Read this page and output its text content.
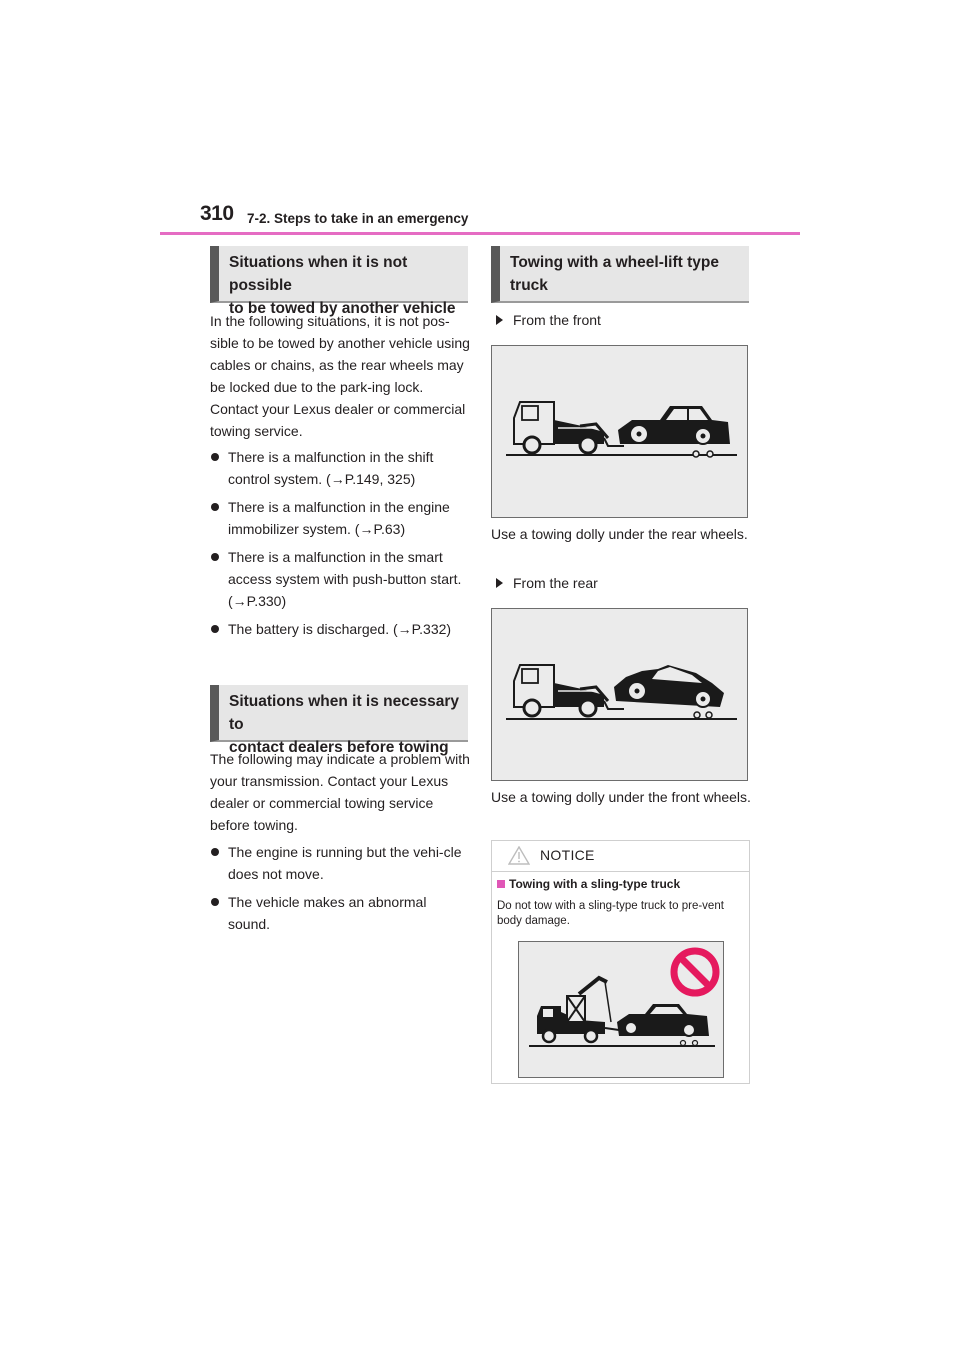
310 7-2. Steps to take in an emergency
Situations when it is not possible
to be towed by another vehicle

In the following situations, it is not pos-sible to be towed by another vehicle using cables or chains, as the rear wheels may be locked due to the park-ing lock. Contact your Lexus dealer or commercial towing service.

There is a malfunction in the shift control system. (→P.149, 325)
There is a malfunction in the engine immobilizer system. (→P.63)
There is a malfunction in the smart access system with push-button start. (→P.330)
The battery is discharged. (→P.332)
Situations when it is necessary to
contact dealers before towing

The following may indicate a problem with your transmission. Contact your Lexus dealer or commercial towing service before towing.

The engine is running but the vehi-cle does not move.
The vehicle makes an abnormal sound.
Towing with a wheel-lift type
truck
From the front

Use a towing dolly under the rear wheels.

From the rear

Use a towing dolly under the front wheels.

NOTICE
Towing with a sling-type truck

Do not tow with a sling-type truck to pre-vent body damage.
